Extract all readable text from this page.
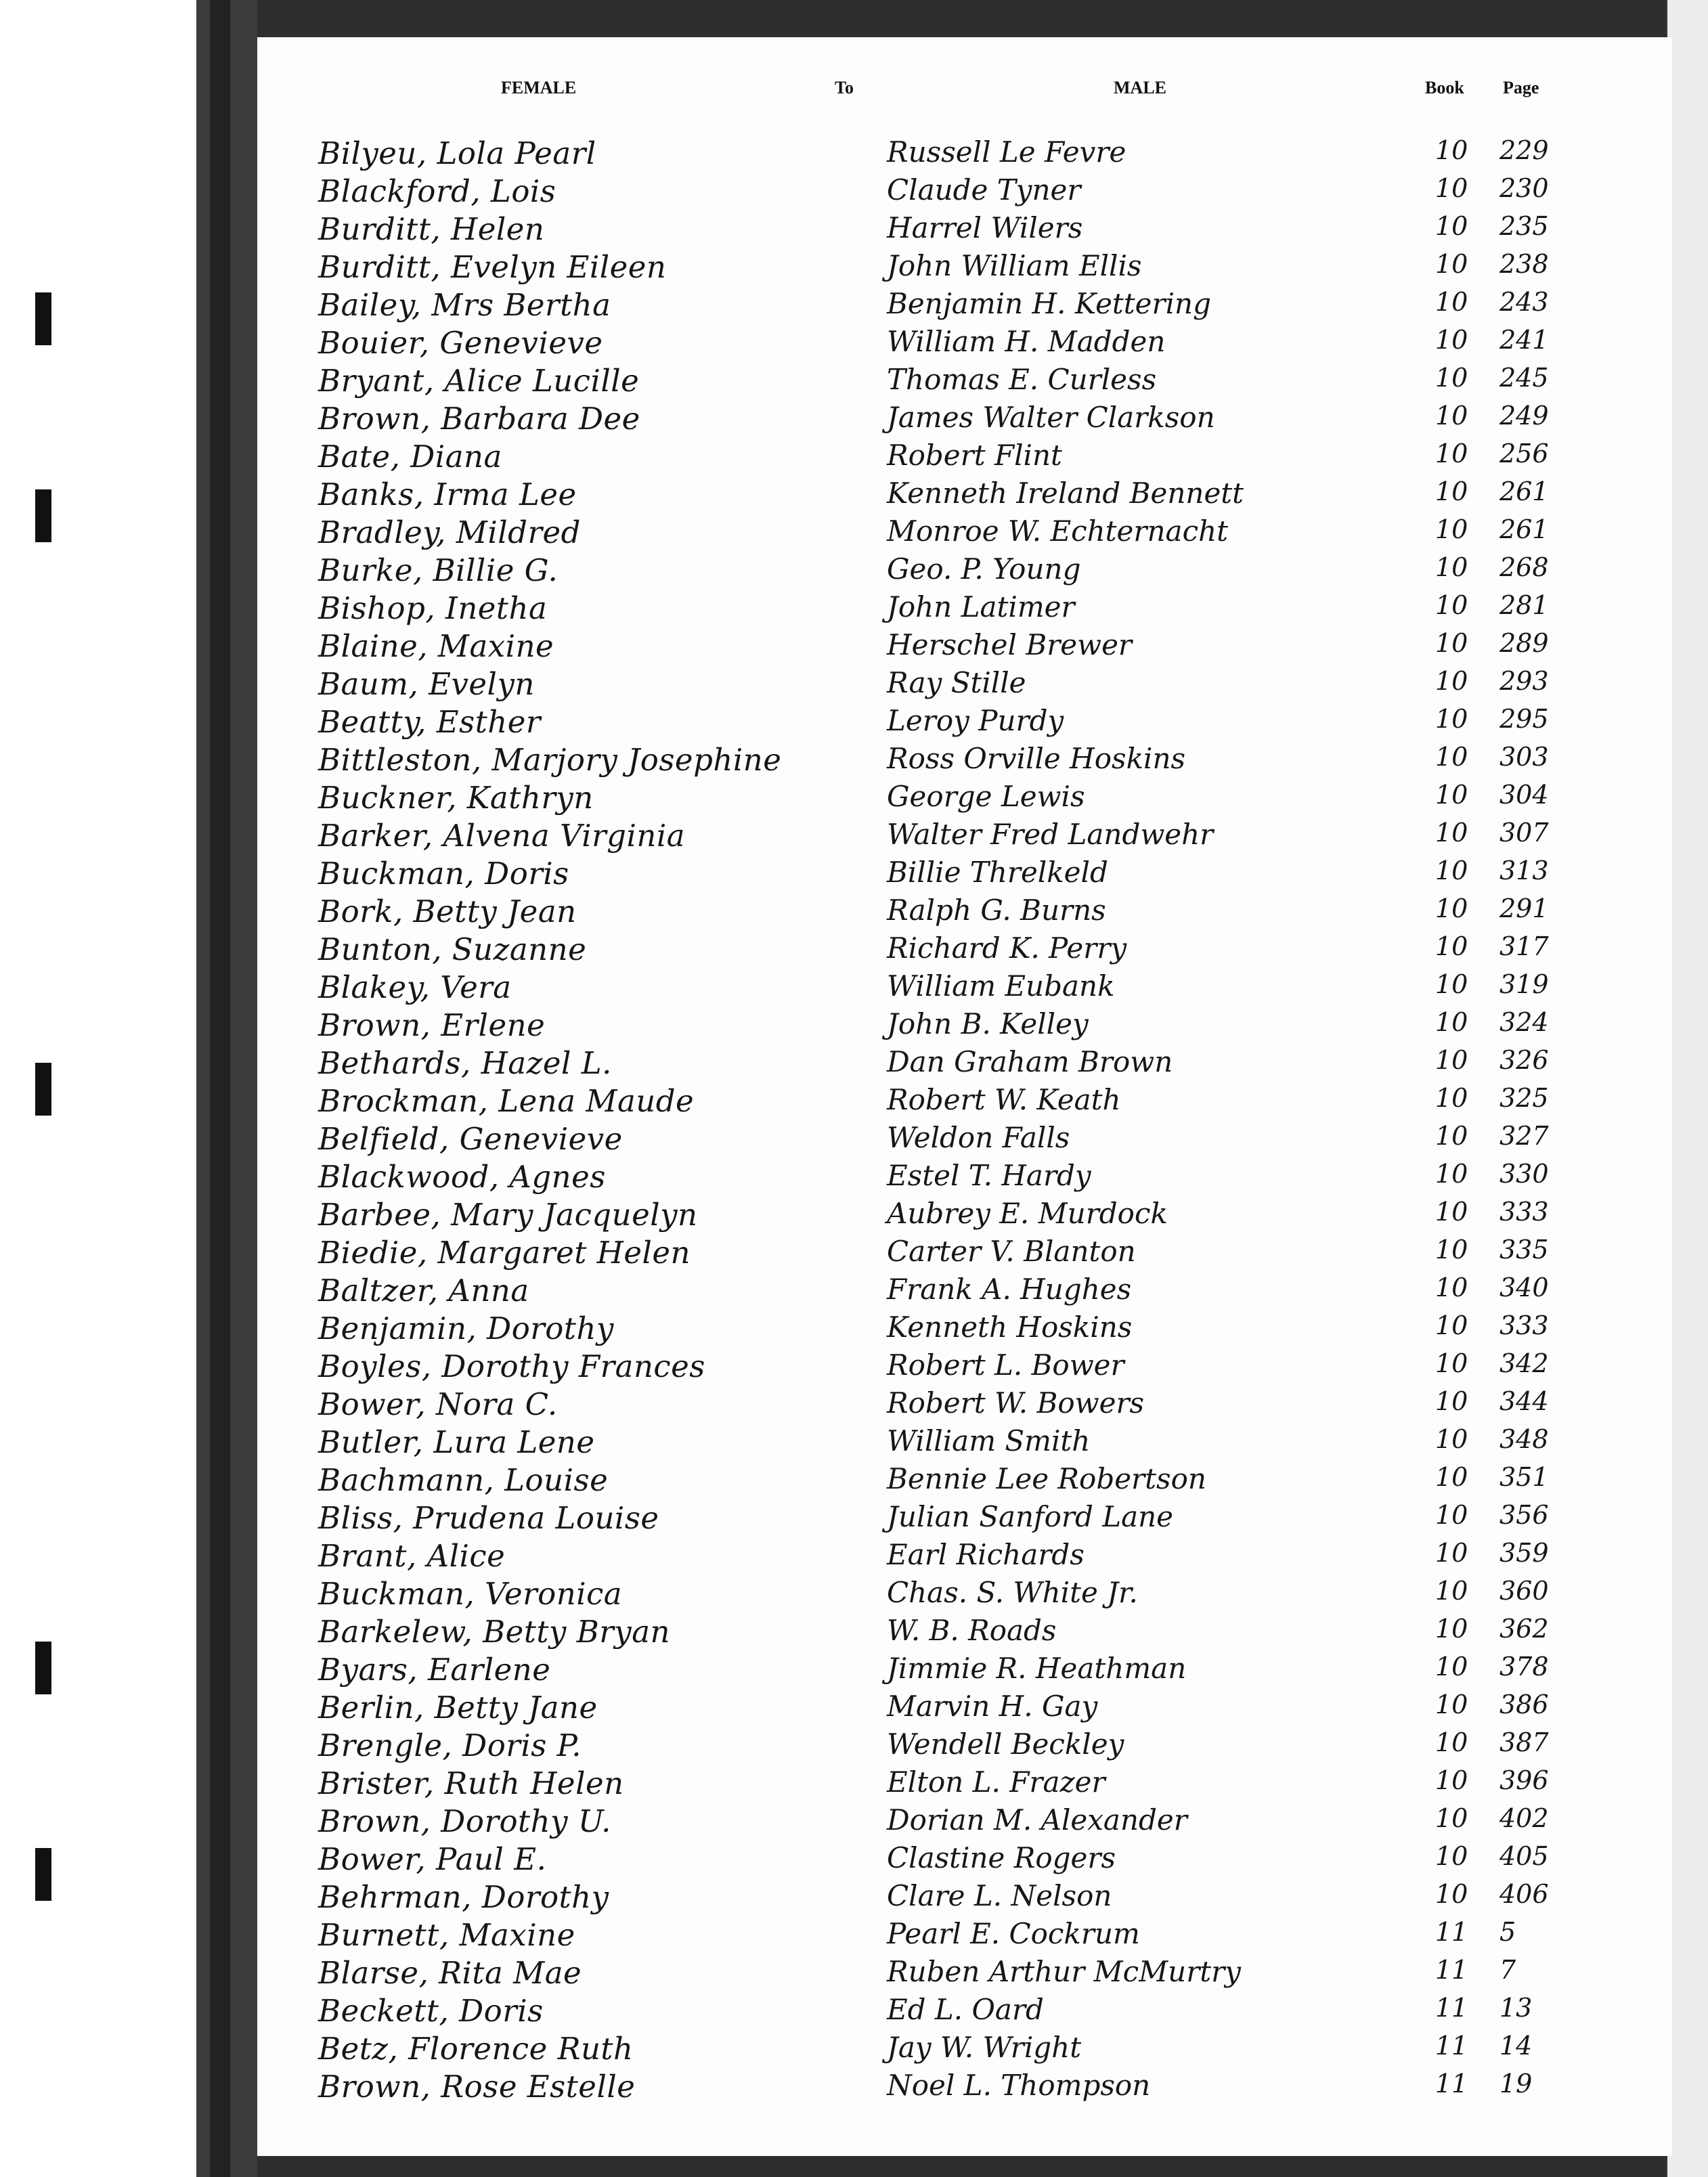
FEMALE	To	MALE	Book Page
Bilyeu, Lola Pearl	Russell Le Fevre	10	229
Blackford, Lois	Claude Tyner	10	230
Burditt, Helen	Harrel Wilers	10	235
Burditt, Evelyn Eileen	John William Ellis	10	238
Bailey, Mrs Bertha	Benjamin H. Kettering	10	243
Bouier, Genevieve	William H. Madden	10	241
Bryant, Alice Lucille	Thomas E. Curless	10	245
Brown, Barbara Dee	James Walter Clarkson	10	249
Bate, Diana	Robert Flint	10	256
Banks, Irma Lee	Kenneth Ireland Bennett	10	261
Bradley, Mildred	Monroe W. Echternacht	10	261
Burke, Billie G.	Geo. P. Young	10	268
Bishop, Inetha	John Latimer	10	281
Blaine, Maxine	Herschel Brewer	10	289
Baum, Evelyn	Ray Stille	10	293
Beatty, Esther	Leroy Purdy	10	295
Bittleston, Marjory Josephine	Ross Orville Hoskins	10	303
Buckner, Kathryn	George Lewis	10	304
Barker, Alvena Virginia	Walter Fred Landwehr	10	307
Buckman, Doris	Billie Threlkeld	10	313
Bork, Betty Jean	Ralph G. Burns	10	291
Bunton, Suzanne	Richard K. Perry	10	317
Blakey, Vera	William Eubank	10	319
Brown, Erlene	John B. Kelley	10	324
Bethards, Hazel L.	Dan Graham Brown	10	326
Brockman, Lena Maude	Robert W. Keath	10	325
Belfield, Genevieve	Weldon Falls	10	327
Blackwood, Agnes	Estel T. Hardy	10	330
Barbee, Mary Jacquelyn	Aubrey E. Murdock	10	333
Biedie, Margaret Helen	Carter V. Blanton	10	335
Baltzer, Anna	Frank A. Hughes	10	340
Benjamin, Dorothy	Kenneth Hoskins	10	333
Boyles, Dorothy Frances	Robert L. Bower	10	342
Bower, Nora C.	Robert W. Bowers	10	344
Butler, Lura Lene	William Smith	10	348
Bachmann, Louise	Bennie Lee Robertson	10	351
Bliss, Prudena Louise	Julian Sanford Lane	10	356
Brant, Alice	Earl Richards	10	359
Buckman, Veronica	Chas. S. White Jr.	10	360
Barkelew, Betty Bryan	W. B. Roads	10	362
Byars, Earlene	Jimmie R. Heathman	10	378
Berlin, Betty Jane	Marvin H. Gay	10	386
Brengle, Doris P.	Wendell Beckley	10	387
Brister, Ruth Helen	Elton L. Frazer	10	396
Brown, Dorothy U.	Dorian M. Alexander	10	402
Bower, Paul E.	Clastine Rogers	10	405
Behrman, Dorothy	Clare L. Nelson	10	406
Burnett, Maxine	Pearl E. Cockrum	11	5
Blarse, Rita Mae	Ruben Arthur McMurtry	11	7
Beckett, Doris	Ed L. Oard	11	13
Betz, Florence Ruth	Jay W. Wright	11	14
Brown, Rose Estelle	Noel L. Thompson	11	19
